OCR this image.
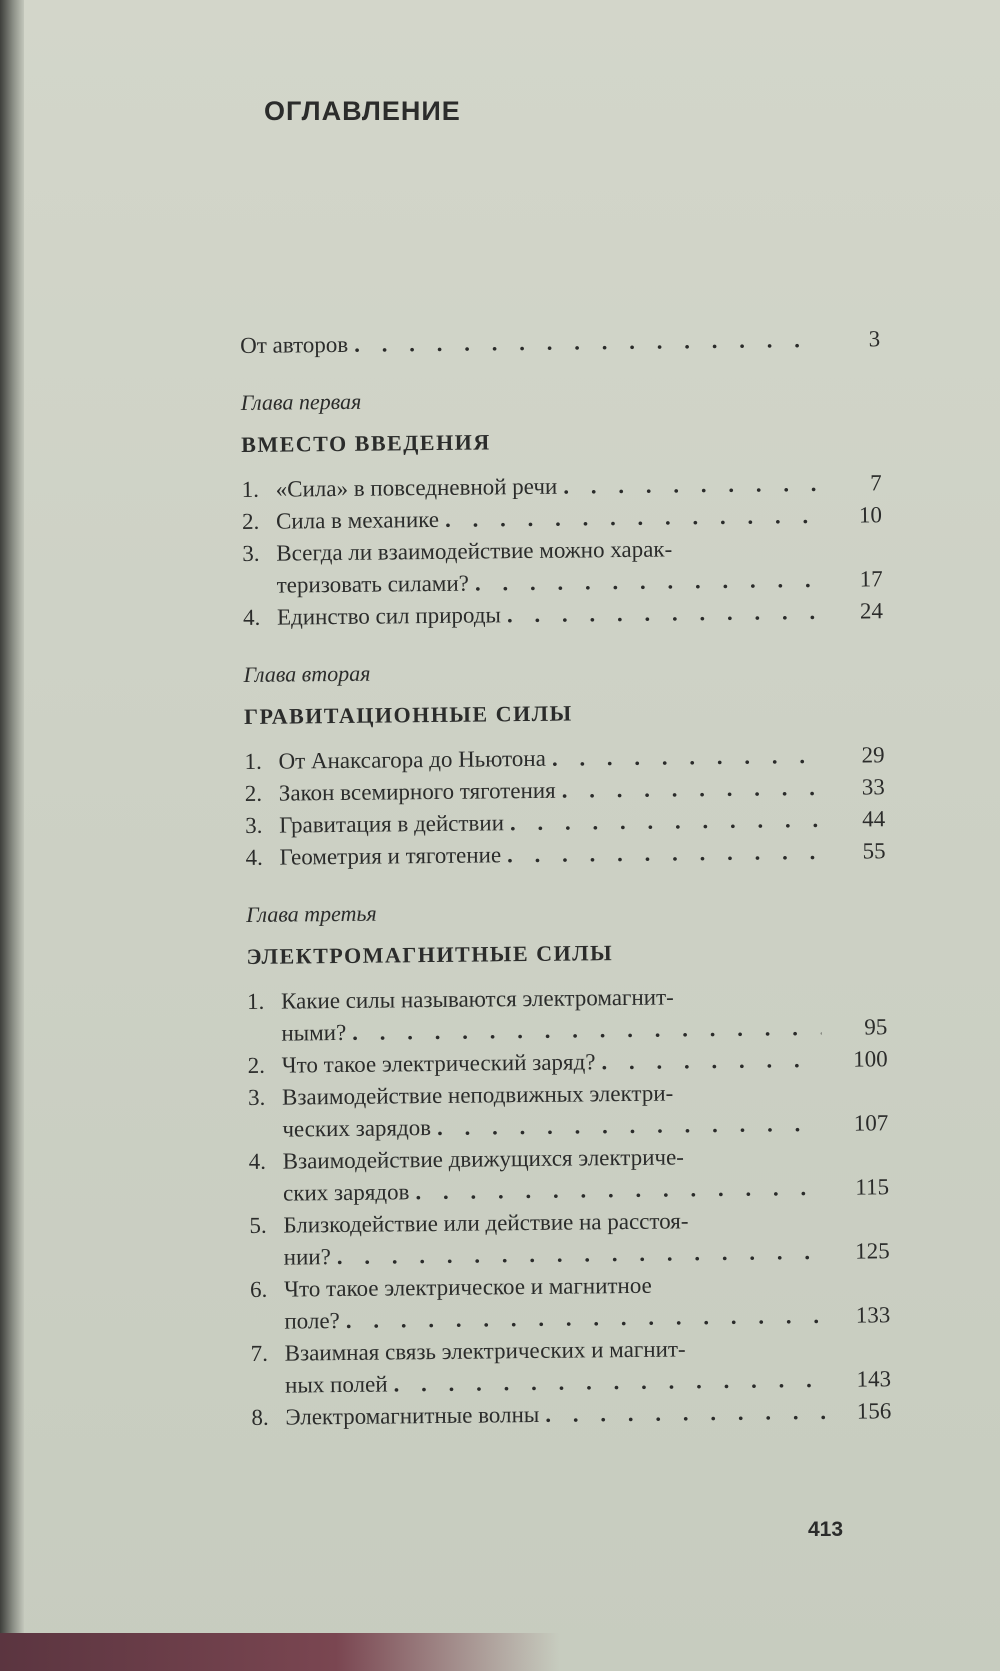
ОГЛАВЛЕНИЕ
От авторов . . .	3
Глава первая
ВМЕСТО ВВЕДЕНИЯ
1. «Сила» в повседневной речи . . .	7
2. Сила в механике . . .	10
3. Всегда ли взаимодействие можно харак-
теризовать силами? . . .	17
4. Единство сил природы . . .	24
Глава вторая
ГРАВИТАЦИОННЫЕ СИЛЫ
1. От Анаксагора до Ньютона . . .	29
2. Закон всемирного тяготения . . .	33
3. Гравитация в действии . . .	44
4. Геометрия и тяготение . . .	55
Глава третья
ЭЛЕКТРОМАГНИТНЫЕ СИЛЫ
1. Какие силы называются электромагнит-
ными? . . .	95
2. Что такое электрический заряд? . . .	100
3. Взаимодействие неподвижных электри-
ческих зарядов . . .	107
4. Взаимодействие движущихся электриче-
ских зарядов . . .	115
5. Близкодействие или действие на расстоя-
нии? . . .	125
6. Что такое электрическое и магнитное
поле? . . .	133
7. Взаимная связь электрических и магнит-
ных полей . . .	143
8. Электромагнитные волны . . .	156
413
